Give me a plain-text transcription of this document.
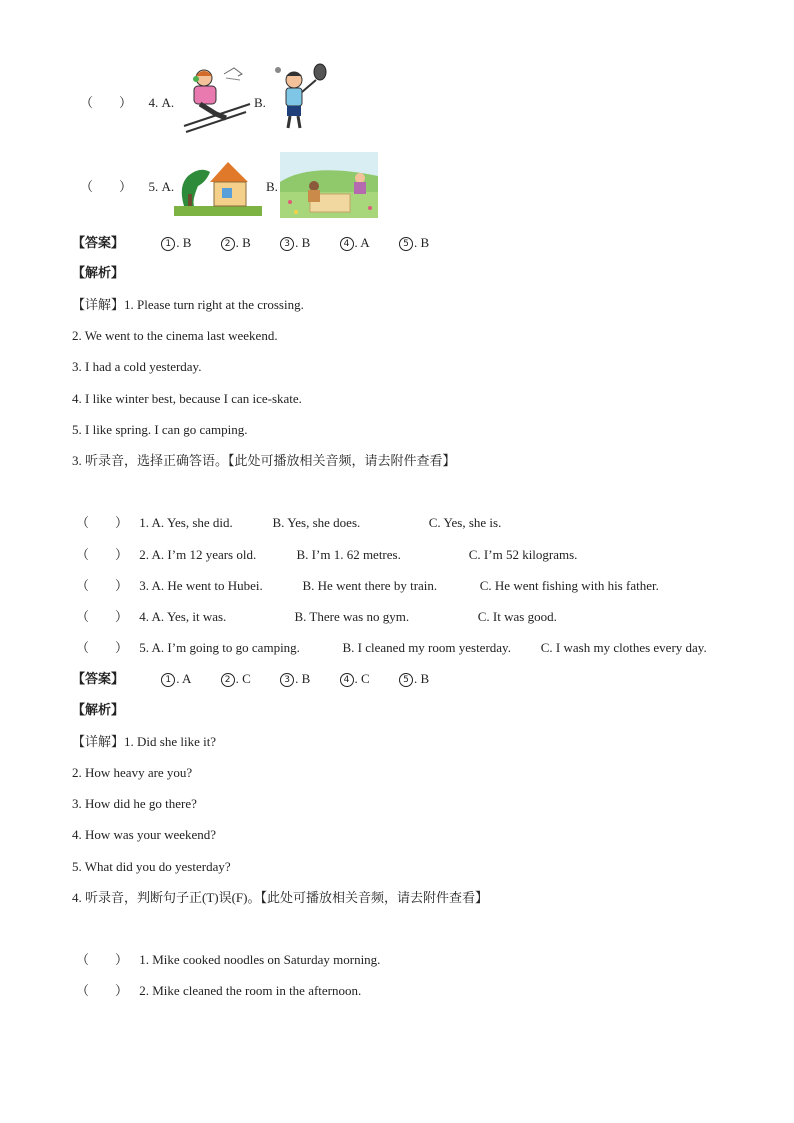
（　　） 4. A.	B.
（　　） 5. A.	B.
【答案】	1 . B	2 . B	3 . B	4 . A	5 . B
【解析】
【详解】1. Please turn right at the crossing.
2. We went to the cinema last weekend.
3. I had a cold yesterday.
4. I like winter best, because I can ice-skate.
5. I like spring. I can go camping.
3. 听录音，选择正确答语。【此处可播放相关音频，请去附件查看】
（　　） 1. A. Yes, she did.	B. Yes, she does.	C. Yes, she is.
（　　） 2. A. I’m 12 years old.	B. I’m 1. 62 metres.	C. I’m 52 kilograms.
（　　） 3. A. He went to Hubei.	B. He went there by train.	C. He went fishing with his father.
（　　） 4. A. Yes, it was.	B. There was no gym.	C. It was good.
（　　） 5. A. I’m going to go camping.	B. I cleaned my room yesterday. C. I wash my clothes every day.
【答案】	1 . A	2 . C	3 . B	4 . C	5 . B
【解析】
【详解】1. Did she like it?
2. How heavy are you?
3. How did he go there?
4. How was your weekend?
5. What did you do yesterday?
4. 听录音，判断句子正(T)误(F)。【此处可播放相关音频，请去附件查看】
（　　） 1. Mike cooked noodles on Saturday morning.
（　　） 2. Mike cleaned the room in the afternoon.
